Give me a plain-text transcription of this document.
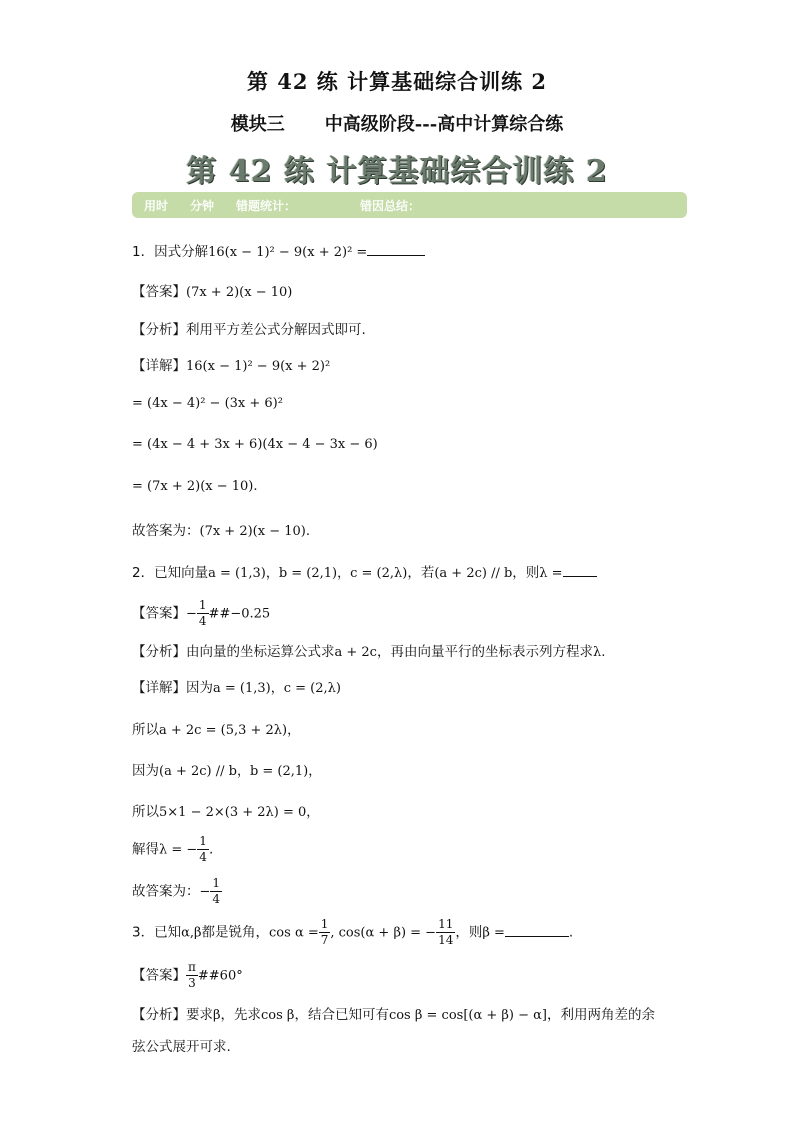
第 42 练 计算基础综合训练 2
模块三 中高级阶段---高中计算综合练
第 42 练 计算基础综合训练 2
用时 分钟 错题统计：	错因总结：
1．因式分解16(x − 1)² − 9(x + 2)² =
【答案】(7x + 2)(x − 10)
【分析】利用平方差公式分解因式即可.
【详解】16(x − 1)² − 9(x + 2)²
= (4x − 4)² − (3x + 6)²
= (4x − 4 + 3x + 6)(4x − 4 − 3x − 6)
= (7x + 2)(x − 10).
故答案为：(7x + 2)(x − 10).
2．已知向量a = (1,3)，b = (2,1)，c = (2,λ)，若(a + 2c) // b，则λ =
【答案】− $\frac{1}{4}$ ##−0.25
【分析】由向量的坐标运算公式求a + 2c，再由向量平行的坐标表示列方程求λ.
【详解】因为a = (1,3)，c = (2,λ)
所以a + 2c = (5,3 + 2λ)，
因为(a + 2c) // b，b = (2,1)，
所以5×1 − 2×(3 + 2λ) = 0，
解得λ = − $\frac{1}{4}$ .
故答案为：− $\frac{1}{4}$
3．已知α,β都是锐角，$\cos \alpha = \frac{1}{7}$ , cos(α + β) = − $\frac{11}{14}$ ，则β =	.
【答案】 $\frac{\pi}{3}$ ##60°
【分析】要求β，先求cos β，结合已知可有cos β = cos[(α + β) − α]，利用两角差的余
弦公式展开可求.
